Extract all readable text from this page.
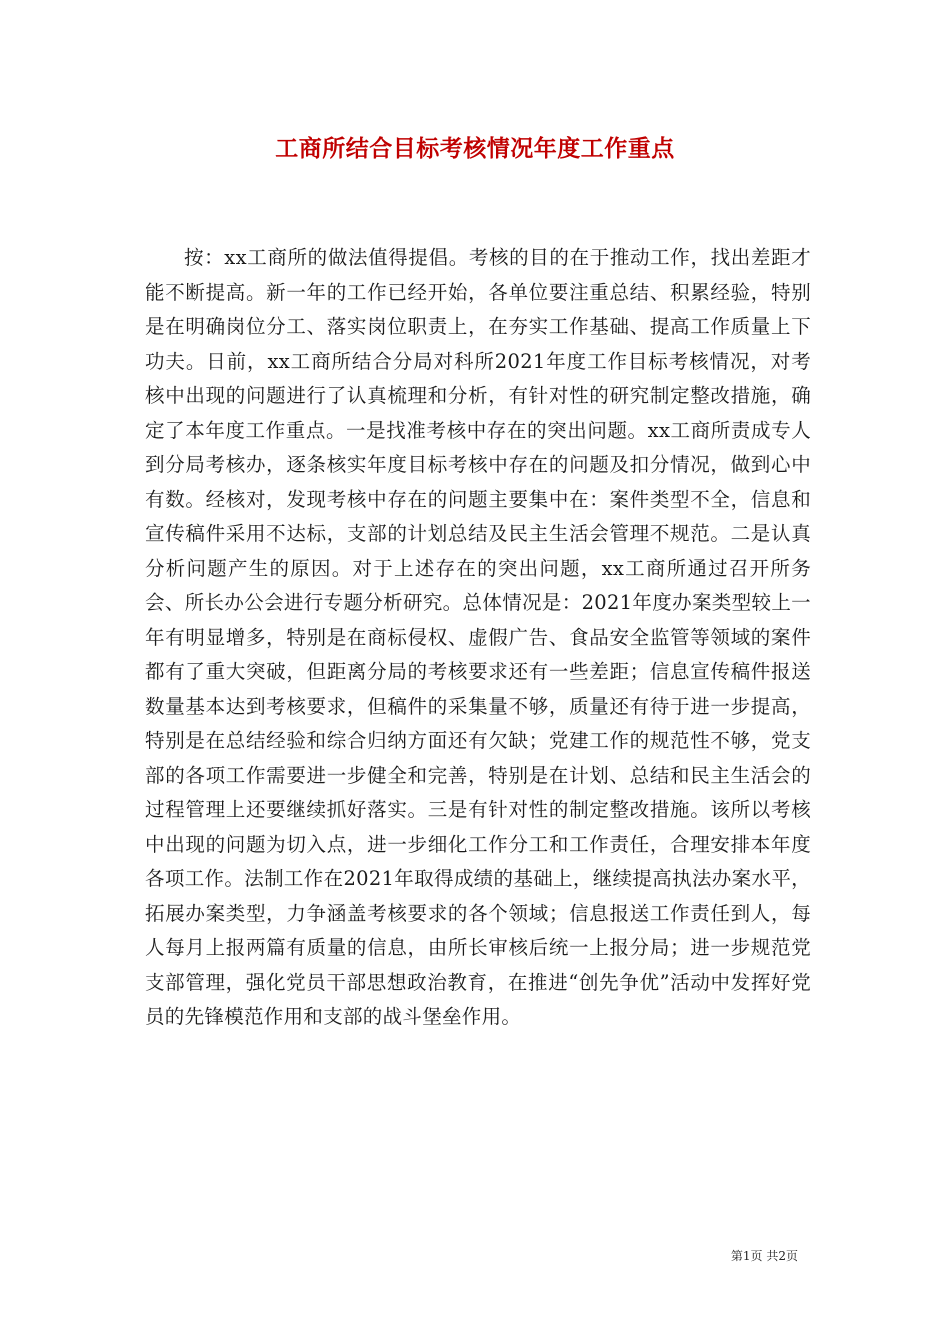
工商所结合目标考核情况年度工作重点

按：xx工商所的做法值得提倡。考核的目的在于推动工作，找出差距才能不断提高。新一年的工作已经开始，各单位要注重总结、积累经验，特别是在明确岗位分工、落实岗位职责上，在夯实工作基础、提高工作质量上下功夫。日前，xx工商所结合分局对科所2021年度工作目标考核情况，对考核中出现的问题进行了认真梳理和分析，有针对性的研究制定整改措施，确定了本年度工作重点。一是找准考核中存在的突出问题。xx工商所责成专人到分局考核办，逐条核实年度目标考核中存在的问题及扣分情况，做到心中有数。经核对，发现考核中存在的问题主要集中在：案件类型不全，信息和宣传稿件采用不达标，支部的计划总结及民主生活会管理不规范。二是认真分析问题产生的原因。对于上述存在的突出问题，xx工商所通过召开所务会、所长办公会进行专题分析研究。总体情况是：2021年度办案类型较上一年有明显增多，特别是在商标侵权、虚假广告、食品安全监管等领域的案件都有了重大突破，但距离分局的考核要求还有一些差距；信息宣传稿件报送数量基本达到考核要求，但稿件的采集量不够，质量还有待于进一步提高，特别是在总结经验和综合归纳方面还有欠缺；党建工作的规范性不够，党支部的各项工作需要进一步健全和完善，特别是在计划、总结和民主生活会的过程管理上还要继续抓好落实。三是有针对性的制定整改措施。该所以考核中出现的问题为切入点，进一步细化工作分工和工作责任，合理安排本年度各项工作。法制工作在2021年取得成绩的基础上，继续提高执法办案水平，拓展办案类型，力争涵盖考核要求的各个领域；信息报送工作责任到人，每人每月上报两篇有质量的信息，由所长审核后统一上报分局；进一步规范党支部管理，强化党员干部思想政治教育，在推进“创先争优”活动中发挥好党员的先锋模范作用和支部的战斗堡垒作用。

第1页 共2页
